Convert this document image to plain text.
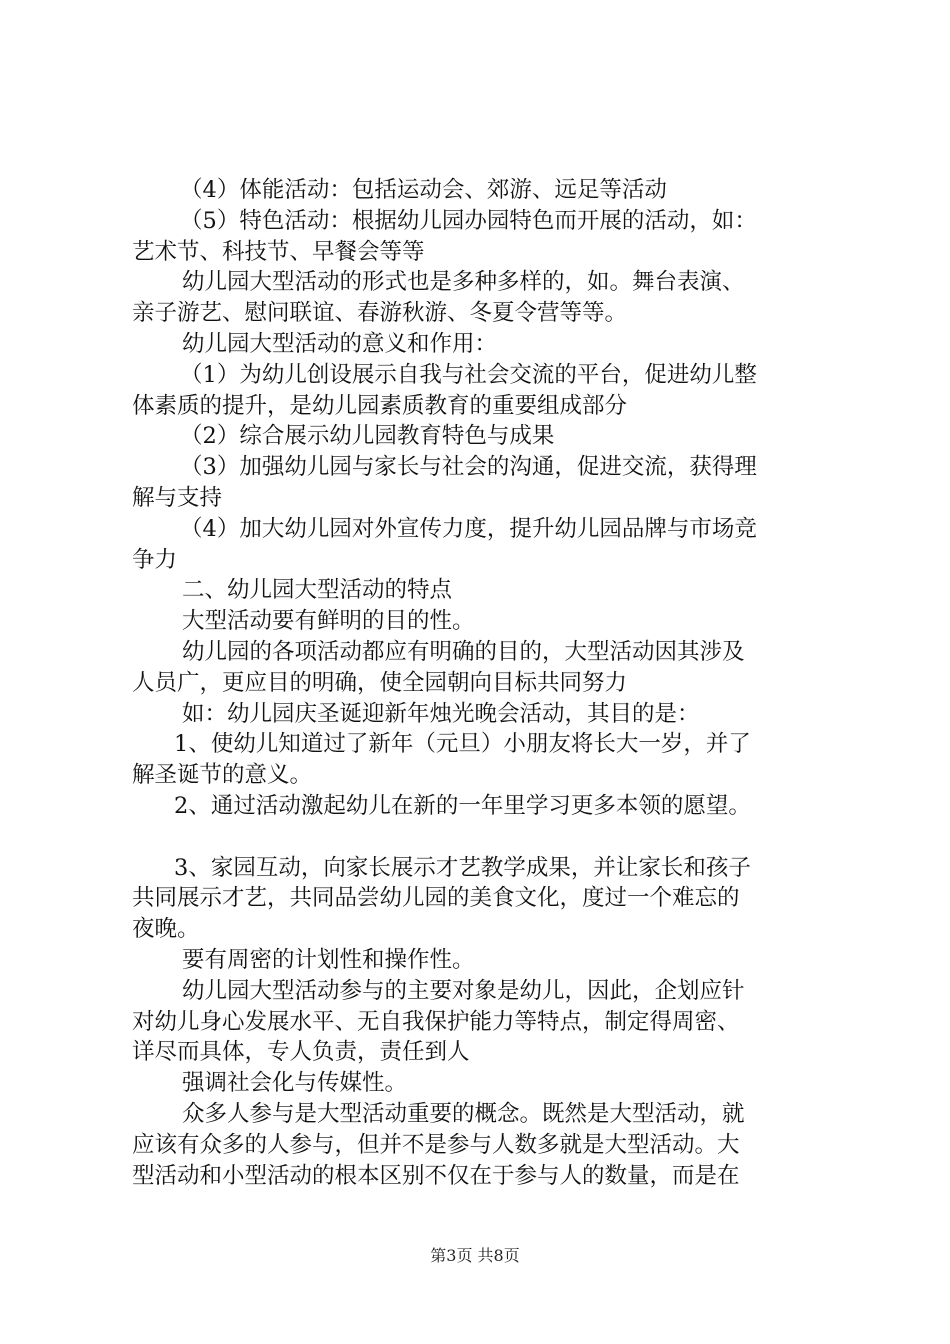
（4）体能活动：包括运动会、郊游、远足等活动
（5）特色活动：根据幼儿园办园特色而开展的活动，如：
艺术节、科技节、早餐会等等
幼儿园大型活动的形式也是多种多样的，如。舞台表演、
亲子游艺、慰问联谊、春游秋游、冬夏令营等等。
幼儿园大型活动的意义和作用：
（1）为幼儿创设展示自我与社会交流的平台，促进幼儿整
体素质的提升，是幼儿园素质教育的重要组成部分
（2）综合展示幼儿园教育特色与成果
（3）加强幼儿园与家长与社会的沟通，促进交流，获得理
解与支持
（4）加大幼儿园对外宣传力度，提升幼儿园品牌与市场竞
争力
二、幼儿园大型活动的特点
大型活动要有鲜明的目的性。
幼儿园的各项活动都应有明确的目的，大型活动因其涉及
人员广，更应目的明确，使全园朝向目标共同努力
如：幼儿园庆圣诞迎新年烛光晚会活动，其目的是：
1、使幼儿知道过了新年（元旦）小朋友将长大一岁，并了
解圣诞节的意义。
2、通过活动激起幼儿在新的一年里学习更多本领的愿望。
3、家园互动，向家长展示才艺教学成果，并让家长和孩子
共同展示才艺，共同品尝幼儿园的美食文化，度过一个难忘的
夜晚。
要有周密的计划性和操作性。
幼儿园大型活动参与的主要对象是幼儿，因此，企划应针
对幼儿身心发展水平、无自我保护能力等特点，制定得周密、
详尽而具体，专人负责，责任到人
强调社会化与传媒性。
众多人参与是大型活动重要的概念。既然是大型活动，就
应该有众多的人参与，但并不是参与人数多就是大型活动。大
型活动和小型活动的根本区别不仅在于参与人的数量，而是在
第3页 共8页
